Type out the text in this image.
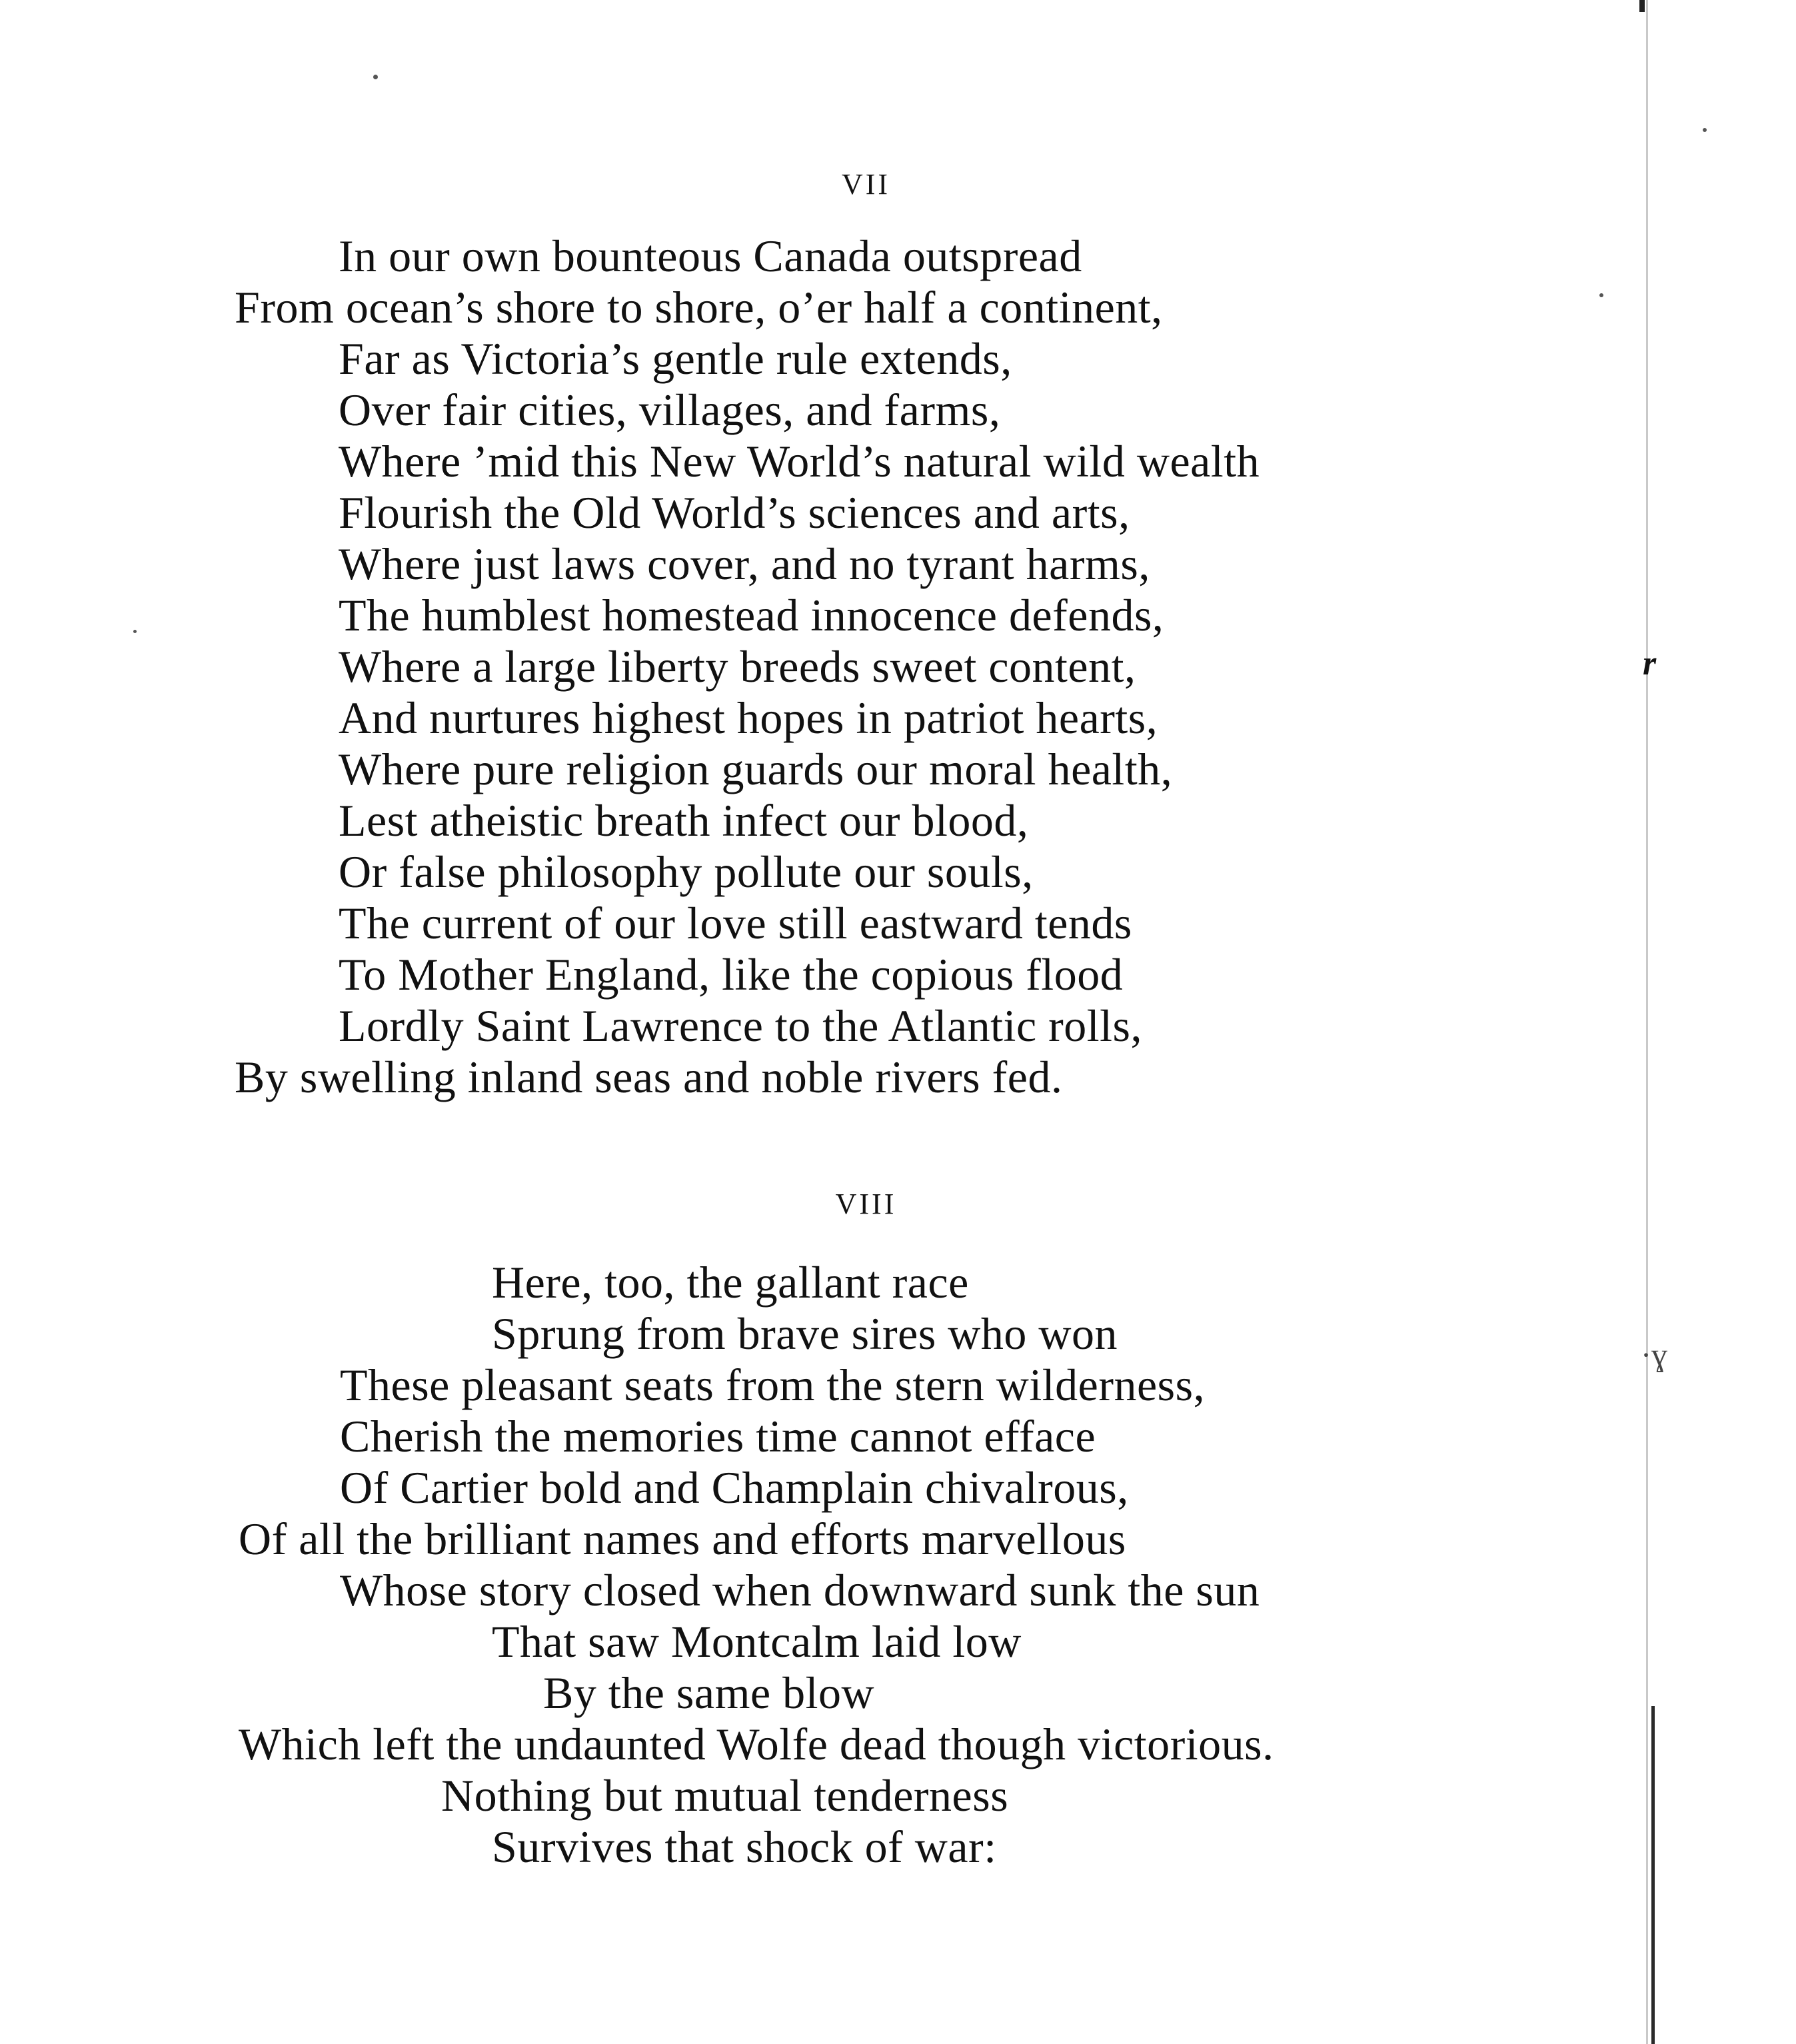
r
·ɣ
VII
In our own bounteous Canada outspread
From ocean’s shore to shore, o’er half a continent,
Far as Victoria’s gentle rule extends,
Over fair cities, villages, and farms,
Where ’mid this New World’s natural wild wealth
Flourish the Old World’s sciences and arts,
Where just laws cover, and no tyrant harms,
The humblest homestead innocence defends,
Where a large liberty breeds sweet content,
And nurtures highest hopes in patriot hearts,
Where pure religion guards our moral health,
Lest atheistic breath infect our blood,
Or false philosophy pollute our souls,
The current of our love still eastward tends
To Mother England, like the copious flood
Lordly Saint Lawrence to the Atlantic rolls,
By swelling inland seas and noble rivers fed.
VIII
Here, too, the gallant race
Sprung from brave sires who won
These pleasant seats from the stern wilderness,
Cherish the memories time cannot efface
Of Cartier bold and Champlain chivalrous,
Of all the brilliant names and efforts marvellous
Whose story closed when downward sunk the sun
That saw Montcalm laid low
By the same blow
Which left the undaunted Wolfe dead though victorious.
Nothing but mutual tenderness
Survives that shock of war:
